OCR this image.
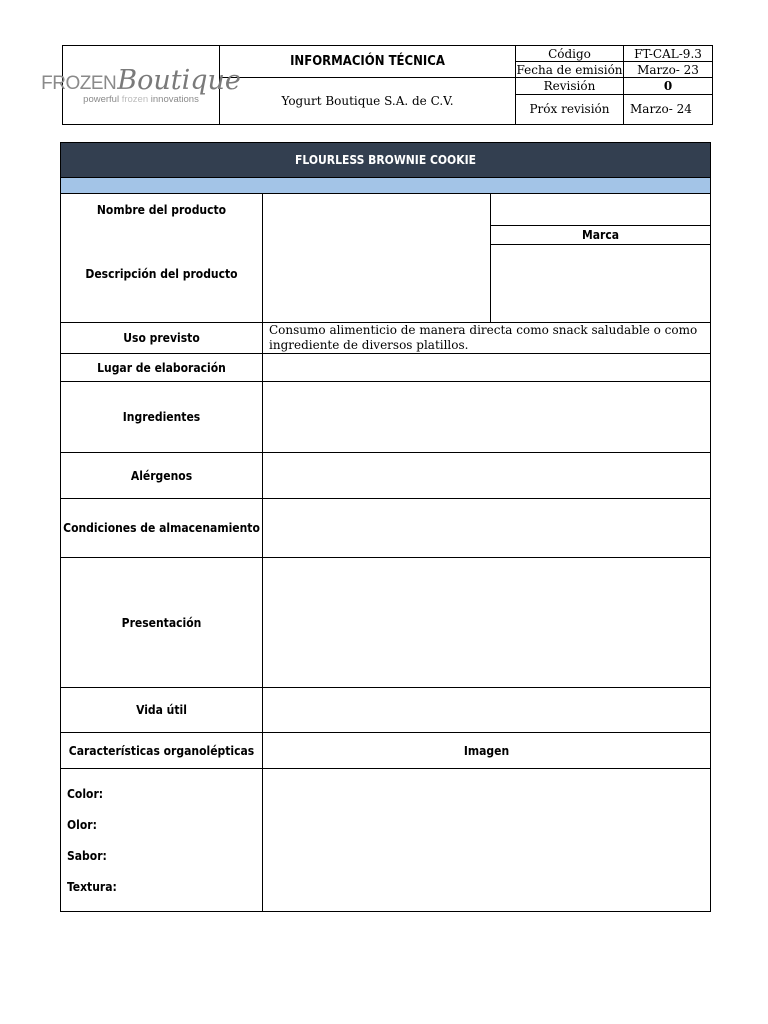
FROZEN Boutique
powerful frozen innovations	INFORMACIÓN TÉCNICA	Código	FT-CAL-9.3
		Fecha de emisión	Marzo- 23
	Yogurt Boutique S.A. de C.V.	Revisión	0
		Próx revisión	Marzo- 24
FLOURLESS BROWNIE COOKIE		

Nombre del producto
Descripción del producto		

		Marca

Uso previsto	Consumo alimenticio de manera directa como snack saludable o como ingrediente de diversos platillos.	
Lugar de elaboración		
Ingredientes		
Alérgenos		
Condiciones de almacenamiento		
Presentación		
Vida útil		
Características organolépticas	Imagen	

Color:
Olor:
Sabor:
Textura:		
